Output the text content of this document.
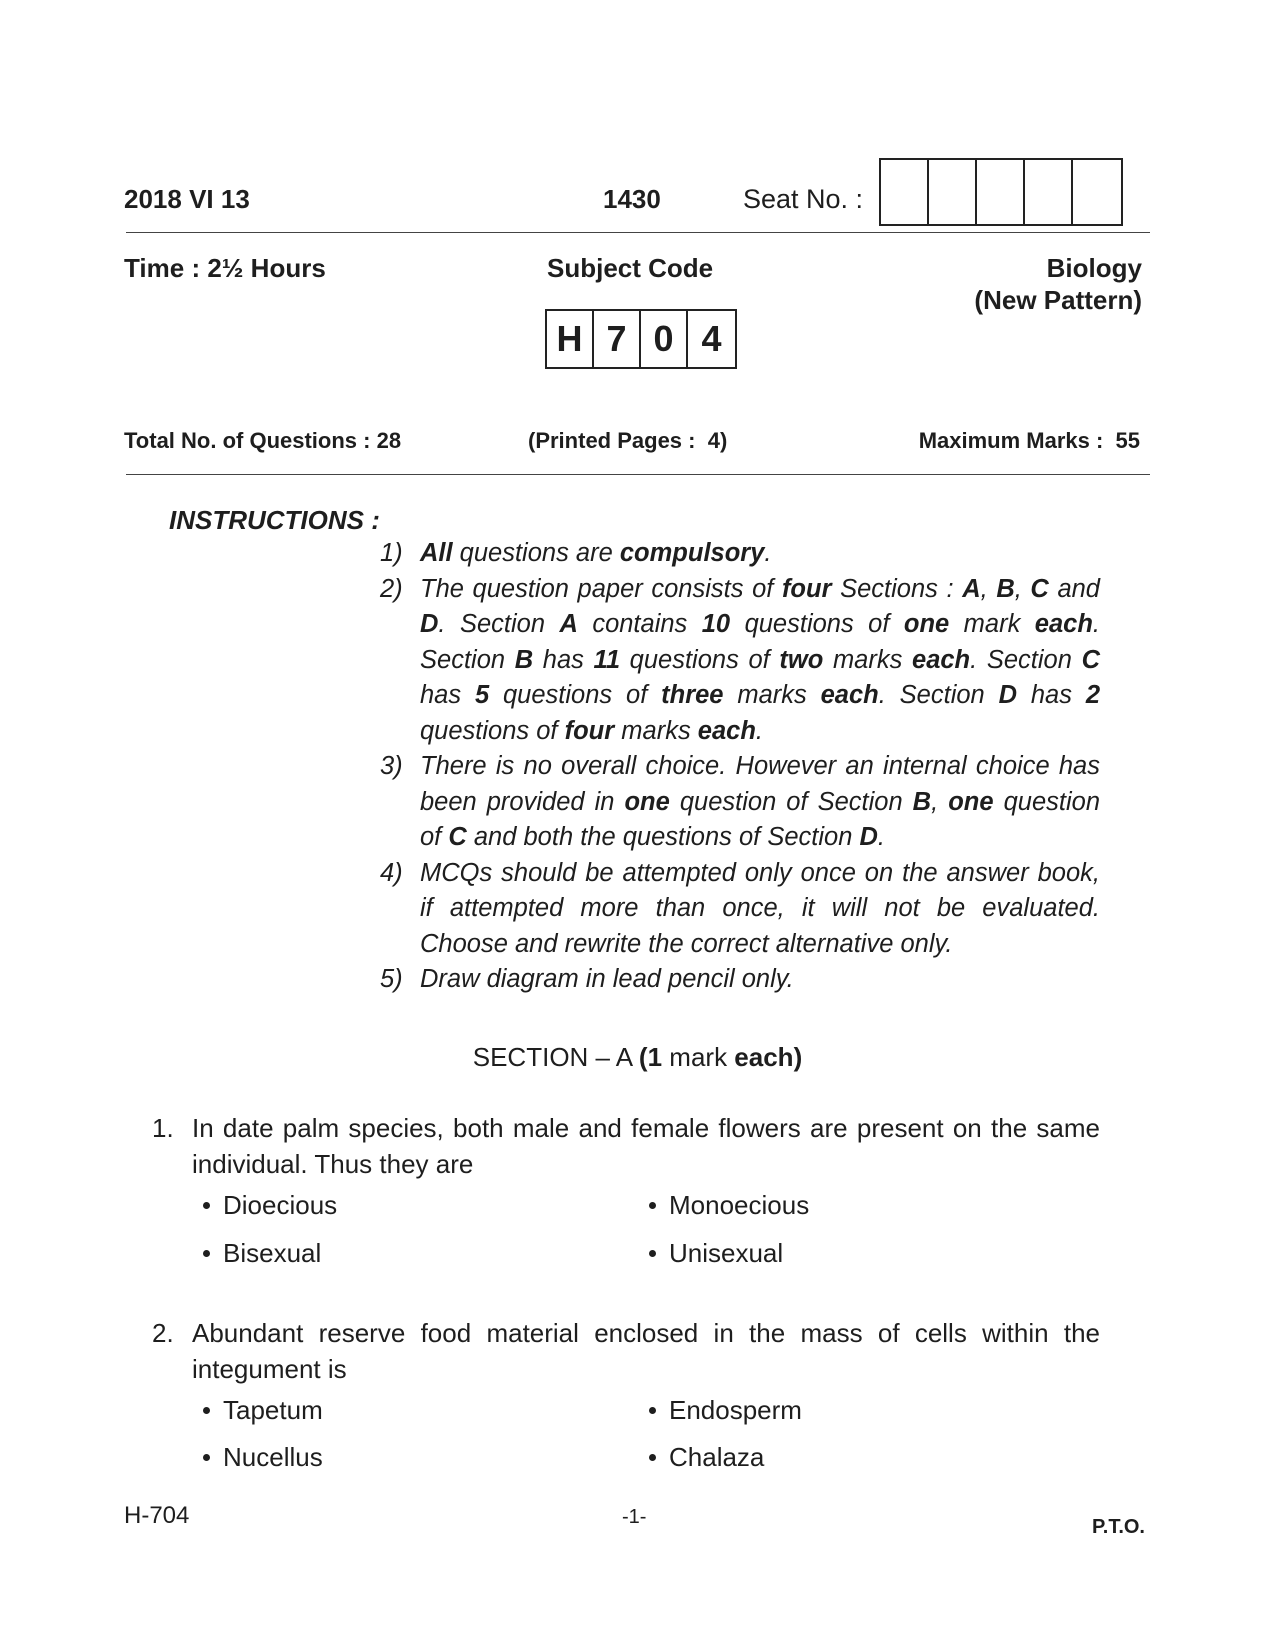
2018 VI 13	1430	Seat No. :
Time : 2½ Hours	Subject Code	Biology
(New Pattern)
H 7 0 4
Total No. of Questions : 28	(Printed Pages :  4)	Maximum Marks :  55
INSTRUCTIONS :
1) All questions are compulsory.
2) The question paper consists of four Sections : A, B, C and D. Section A contains 10 questions of one mark each. Section B has 11 questions of two marks each. Section C has 5 questions of three marks each. Section D has 2 questions of four marks each.
3) There is no overall choice. However an internal choice has been provided in one question of Section B, one question of C and both the questions of Section D.
4) MCQs should be attempted only once on the answer book, if attempted more than once, it will not be evaluated. Choose and rewrite the correct alternative only.
5) Draw diagram in lead pencil only.
SECTION – A (1 mark each)
1. In date palm species, both male and female flowers are present on the same individual. Thus they are
Dioecious	Monoecious
Bisexual	Unisexual
2. Abundant reserve food material enclosed in the mass of cells within the integument is
Tapetum	Endosperm
Nucellus	Chalaza
H-704	-1-	P.T.O.
